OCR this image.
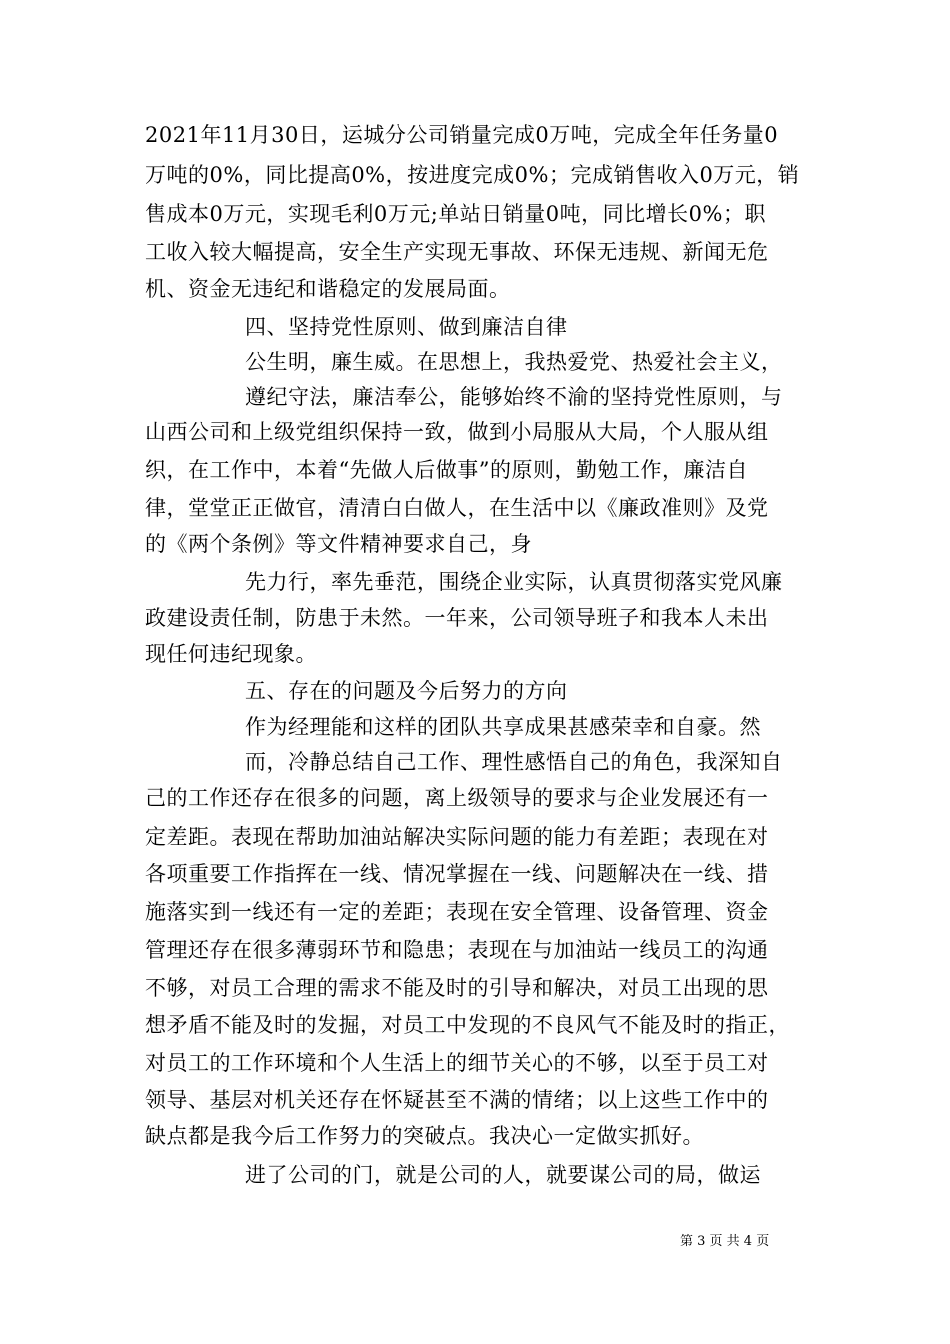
2021年11月30日，运城分公司销量完成0万吨，完成全年任务量0
万吨的0%，同比提高0%，按进度完成0%；完成销售收入0万元，销
售成本0万元，实现毛利0万元;单站日销量0吨，同比增长0%；职
工收入较大幅提高，安全生产实现无事故、环保无违规、新闻无危
机、资金无违纪和谐稳定的发展局面。
四、坚持党性原则、做到廉洁自律
公生明，廉生威。在思想上，我热爱党、热爱社会主义，
遵纪守法，廉洁奉公，能够始终不渝的坚持党性原则，与
山西公司和上级党组织保持一致，做到小局服从大局，个人服从组
织，在工作中，本着“先做人后做事”的原则，勤勉工作，廉洁自
律，堂堂正正做官，清清白白做人，在生活中以《廉政准则》及党
的《两个条例》等文件精神要求自己，身
先力行，率先垂范，围绕企业实际，认真贯彻落实党风廉
政建设责任制，防患于未然。一年来，公司领导班子和我本人未出
现任何违纪现象。
五、存在的问题及今后努力的方向
作为经理能和这样的团队共享成果甚感荣幸和自豪。然
而，冷静总结自己工作、理性感悟自己的角色，我深知自
己的工作还存在很多的问题，离上级领导的要求与企业发展还有一
定差距。表现在帮助加油站解决实际问题的能力有差距；表现在对
各项重要工作指挥在一线、情况掌握在一线、问题解决在一线、措
施落实到一线还有一定的差距；表现在安全管理、设备管理、资金
管理还存在很多薄弱环节和隐患；表现在与加油站一线员工的沟通
不够，对员工合理的需求不能及时的引导和解决，对员工出现的思
想矛盾不能及时的发掘，对员工中发现的不良风气不能及时的指正，
对员工的工作环境和个人生活上的细节关心的不够，以至于员工对
领导、基层对机关还存在怀疑甚至不满的情绪；以上这些工作中的
缺点都是我今后工作努力的突破点。我决心一定做实抓好。
进了公司的门，就是公司的人，就要谋公司的局，做运
第 3 页 共 4 页
